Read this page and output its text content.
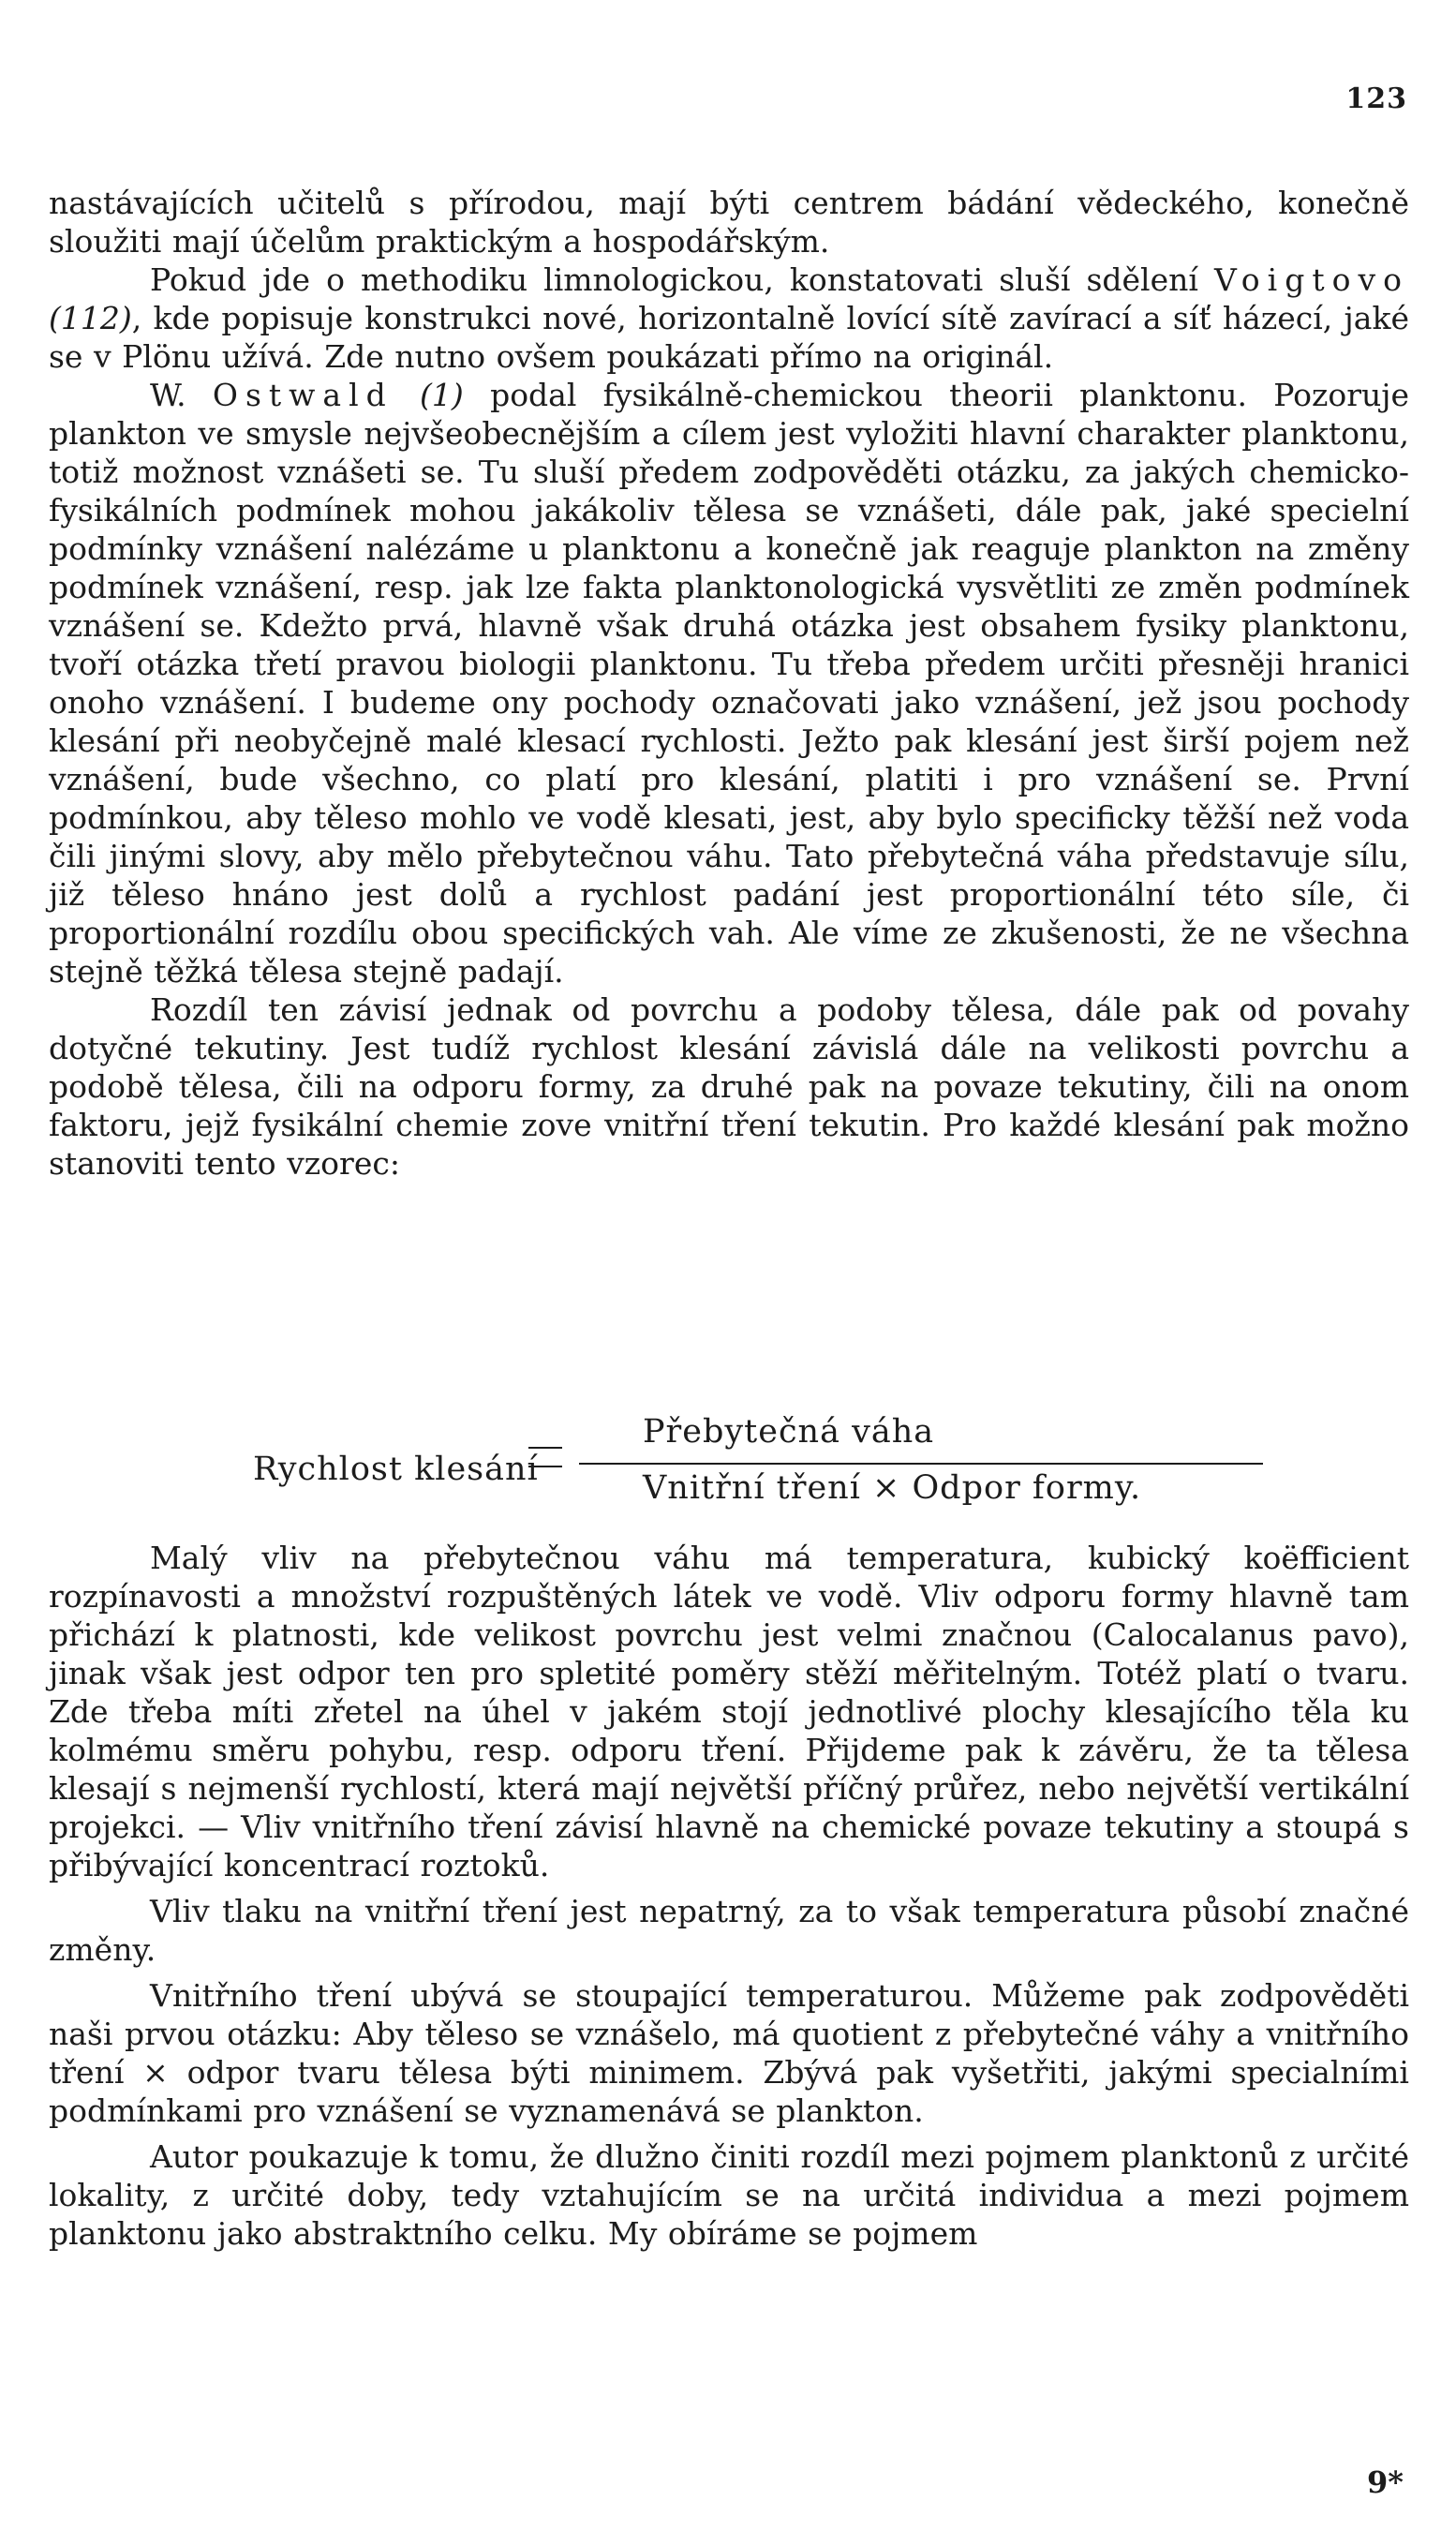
123

nastávajících učitelů s přírodou, mají býti centrem bádání vědeckého, konečně sloužiti mají účelům praktickým a hospodářským.

Pokud jde o methodiku limnologickou, konstatovati sluší sdělení Voigtovo (112), kde popisuje konstrukci nové, horizontalně lovící sítě zavírací a síť házecí, jaké se v Plönu užívá. Zde nutno ovšem poukázati přímo na originál.

W. Ostwald (1) podal fysikálně-chemickou theorii planktonu. Pozoruje plankton ve smysle nejvšeobecnějším a cílem jest vyložiti hlavní charakter planktonu, totiž možnost vznášeti se. Tu sluší předem zodpověděti otázku, za jakých chemicko-fysikálních podmínek mohou jakákoliv tělesa se vznášeti, dále pak, jaké specielní podmínky vznášení nalézáme u planktonu a konečně jak reaguje plankton na změny podmínek vznášení, resp. jak lze fakta planktonologická vysvětliti ze změn podmínek vznášení se. Kdežto prvá, hlavně však druhá otázka jest obsahem fysiky planktonu, tvoří otázka třetí pravou biologii planktonu. Tu třeba předem určiti přesněji hranici onoho vznášení. I budeme ony pochody označovati jako vznášení, jež jsou pochody klesání při neobyčejně malé klesací rychlosti. Ježto pak klesání jest širší pojem než vznášení, bude všechno, co platí pro klesání, platiti i pro vznášení se. První podmínkou, aby těleso mohlo ve vodě klesati, jest, aby bylo specificky těžší než voda čili jinými slovy, aby mělo přebytečnou váhu. Tato přebytečná váha představuje sílu, již těleso hnáno jest dolů a rychlost padání jest proportionální této síle, či proportionální rozdílu obou specifických vah. Ale víme ze zkušenosti, že ne všechna stejně těžká tělesa stejně padají.

Rozdíl ten závisí jednak od povrchu a podoby tělesa, dále pak od povahy dotyčné tekutiny. Jest tudíž rychlost klesání závislá dále na velikosti povrchu a podobě tělesa, čili na odporu formy, za druhé pak na povaze tekutiny, čili na onom faktoru, jejž fysikální chemie zove vnitřní tření tekutin. Pro každé klesání pak možno stanoviti tento vzorec:

Rychlost klesání
Přebytečná váha
Vnitřní tření × Odpor formy.

Malý vliv na přebytečnou váhu má temperatura, kubický koëfficient rozpínavosti a množství rozpuštěných látek ve vodě. Vliv odporu formy hlavně tam přichází k platnosti, kde velikost povrchu jest velmi značnou (Calocalanus pavo), jinak však jest odpor ten pro spletité poměry stěží měřitelným. Totéž platí o tvaru. Zde třeba míti zřetel na úhel v jakém stojí jednotlivé plochy klesajícího těla ku kolmému směru pohybu, resp. odporu tření. Přijdeme pak k závěru, že ta tělesa klesají s nejmenší rychlostí, která mají největší příčný průřez, nebo největší vertikální projekci. — Vliv vnitřního tření závisí hlavně na chemické povaze tekutiny a stoupá s přibývající koncentrací roztoků.

Vliv tlaku na vnitřní tření jest nepatrný, za to však temperatura působí značné změny.

Vnitřního tření ubývá se stoupající temperaturou. Můžeme pak zodpověděti naši prvou otázku: Aby těleso se vznášelo, má quotient z přebytečné váhy a vnitřního tření × odpor tvaru tělesa býti minimem. Zbývá pak vyšetřiti, jakými specialními podmínkami pro vznášení se vyznamenává se plankton.

Autor poukazuje k tomu, že dlužno činiti rozdíl mezi pojmem planktonů z určité lokality, z určité doby, tedy vztahujícím se na určitá individua a mezi pojmem planktonu jako abstraktního celku. My obíráme se pojmem

9*
